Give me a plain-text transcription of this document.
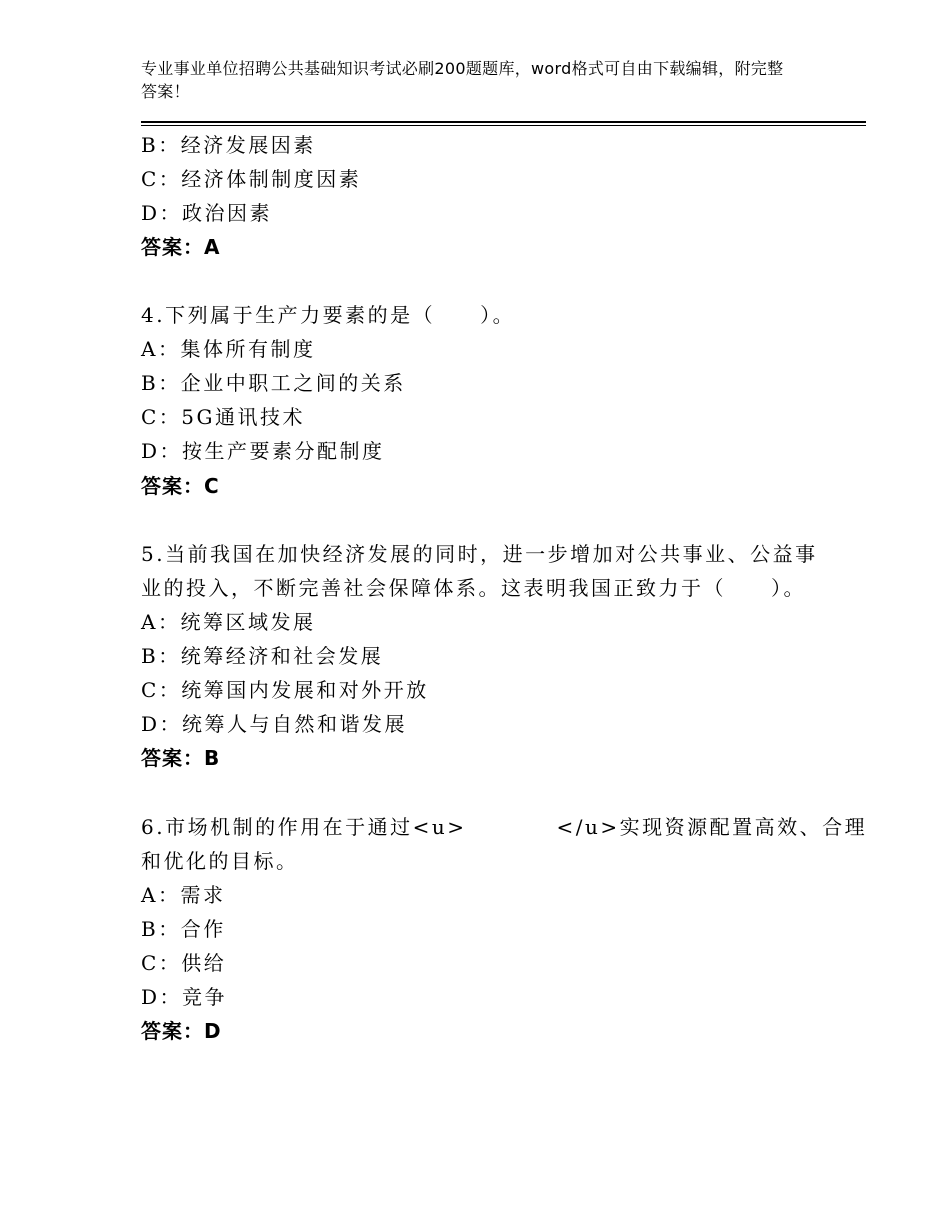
专业事业单位招聘公共基础知识考试必刷200题题库，word格式可自由下载编辑，附完整答案！
B：经济发展因素
C：经济体制制度因素
D：政治因素
答案：A
4.下列属于生产力要素的是（　　）。
A：集体所有制度
B：企业中职工之间的关系
C：5G通讯技术
D：按生产要素分配制度
答案：C
5.当前我国在加快经济发展的同时，进一步增加对公共事业、公益事
业的投入，不断完善社会保障体系。这表明我国正致力于（　　）。
A：统筹区域发展
B：统筹经济和社会发展
C：统筹国内发展和对外开放
D：统筹人与自然和谐发展
答案：B
6.市场机制的作用在于通过<u>　　　　</u>实现资源配置高效、合理
和优化的目标。
A：需求
B：合作
C：供给
D：竞争
答案：D
